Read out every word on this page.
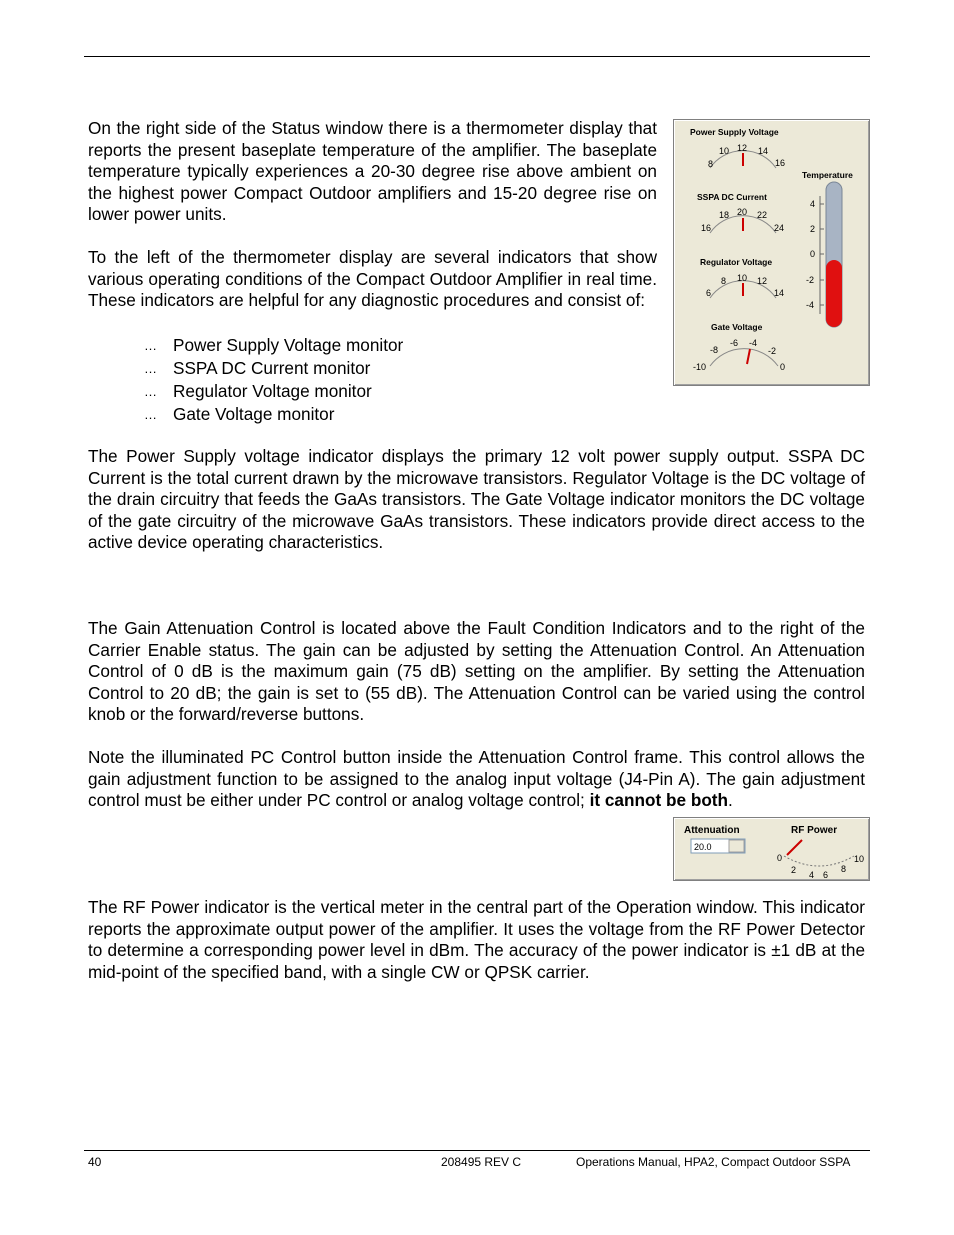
On the right side of the Status window there is a thermometer display that reports the present baseplate temperature of the amplifier. The baseplate temperature typically experiences a 20-30 degree rise above ambient on the highest power Compact Outdoor amplifiers and 15-20 degree rise on lower power units.

To the left of the thermometer display are several indicators that show various operating conditions of the Compact Outdoor Amplifier in real time. These indicators are helpful for any diagnostic procedures and consist of:

… Power Supply Voltage monitor
… SSPA DC Current monitor
… Regulator Voltage monitor
… Gate Voltage monitor
Power Supply Voltage
8
10 12 14
16
SSPA DC Current
16
18 20 22
24
Regulator Voltage
6
8 10 12
14
Gate Voltage
-10
-8
-6 -4
-2
0
Temperature
4
2
0
-2
-4

The Power Supply voltage indicator displays the primary 12 volt power supply output. SSPA DC Current is the total current drawn by the microwave transistors. Regulator Voltage is the DC voltage of the drain circuitry that feeds the GaAs transistors. The Gate Voltage indicator monitors the DC voltage of the gate circuitry of the microwave GaAs transistors. These indicators provide direct access to the active device operating characteristics.

The Gain Attenuation Control is located above the Fault Condition Indicators and to the right of the Carrier Enable status. The gain can be adjusted by setting the Attenuation Control. An Attenuation Control of 0 dB is the maximum gain (75 dB) setting on the amplifier. By setting the Attenuation Control to 20 dB; the gain is set to (55 dB). The Attenuation Control can be varied using the control knob or the forward/reverse buttons.

Note the illuminated PC Control button inside the Attenuation Control frame. This control allows the gain adjustment function to be assigned to the analog input voltage (J4-Pin A). The gain adjustment control must be either under PC control or analog voltage control; it cannot be both.

Attenuation
20.0
RF Power
0
2 4 6
8
10

The RF Power indicator is the vertical meter in the central part of the Operation window. This indicator reports the approximate output power of the amplifier. It uses the voltage from the RF Power Detector to determine a corresponding power level in dBm. The accuracy of the power indicator is ±1 dB at the mid-point of the specified band, with a single CW or QPSK carrier.

40	208495 REV C	Operations Manual, HPA2, Compact Outdoor SSPA
